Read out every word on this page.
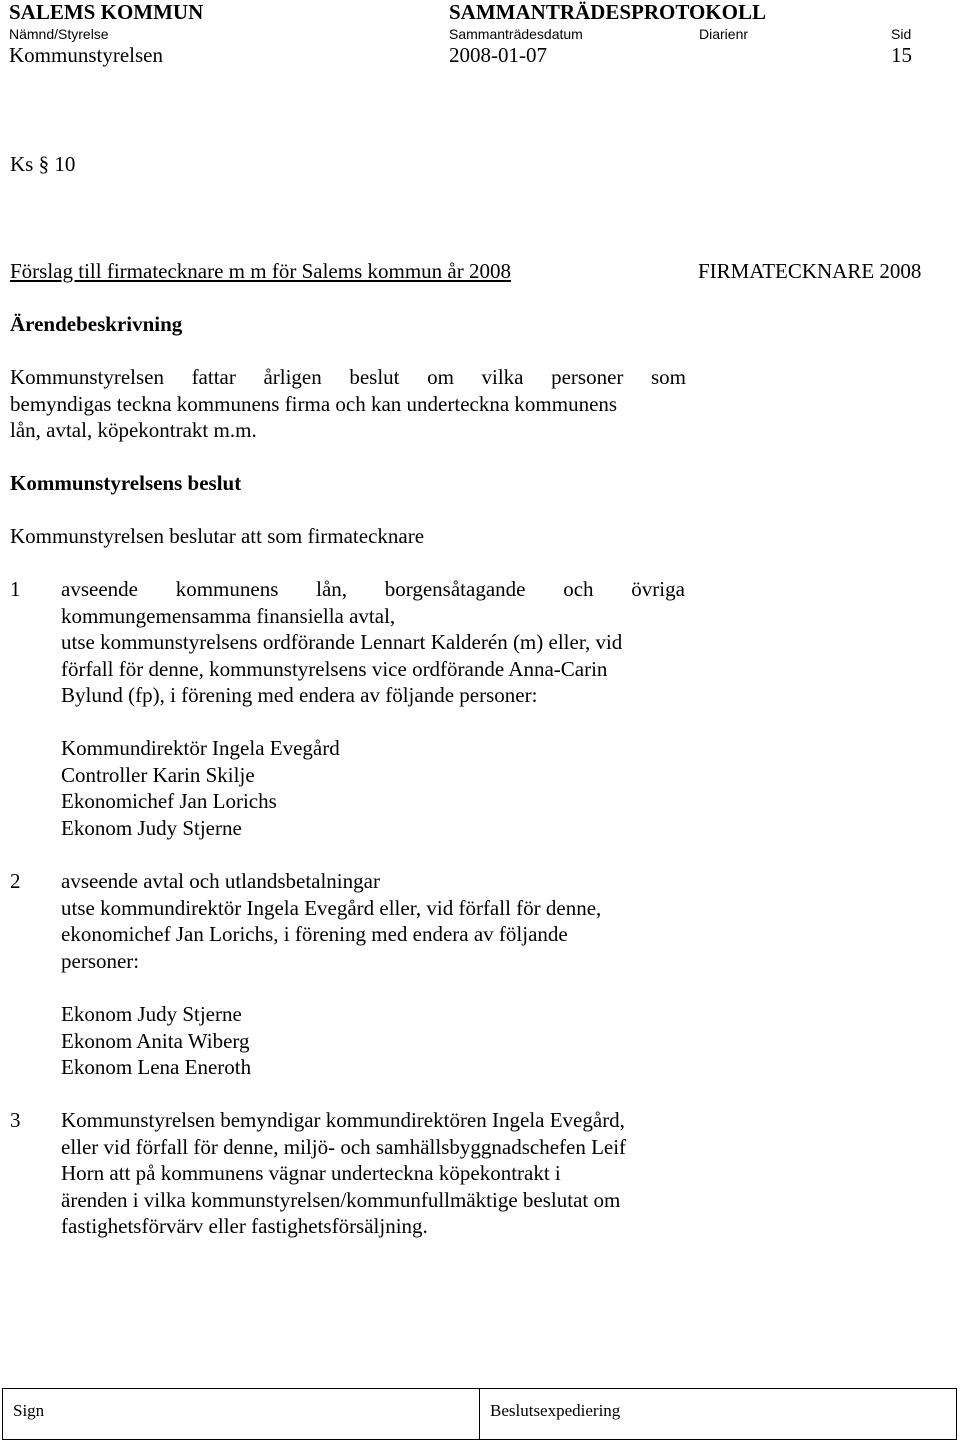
SALEMS KOMMUN	SAMMANTRÄDESPROTOKOLL
Nämnd/Styrelse	Sammanträdesdatum	Diarienr	Sid
Kommunstyrelsen	2008-01-07	15
Ks § 10
Förslag till firmatecknare m m för Salems kommun år 2008	FIRMATECKNARE 2008
Ärendebeskrivning
Kommunstyrelsen fattar årligen beslut om vilka personer som
bemyndigas teckna kommunens firma och kan underteckna kommunens
lån, avtal, köpekontrakt m.m.
Kommunstyrelsens beslut
Kommunstyrelsen beslutar att som firmatecknare
1 avseende kommunens lån, borgensåtagande och övriga
kommungemensamma finansiella avtal,
utse kommunstyrelsens ordförande Lennart Kalderén (m) eller, vid
förfall för denne, kommunstyrelsens vice ordförande Anna-Carin
Bylund (fp), i förening med endera av följande personer:
Kommundirektör Ingela Evegård
Controller Karin Skilje
Ekonomichef Jan Lorichs
Ekonom Judy Stjerne
2 avseende avtal och utlandsbetalningar
utse kommundirektör Ingela Evegård eller, vid förfall för denne,
ekonomichef Jan Lorichs, i förening med endera av följande
personer:
Ekonom Judy Stjerne
Ekonom Anita Wiberg
Ekonom Lena Eneroth
3 Kommunstyrelsen bemyndigar kommundirektören Ingela Evegård,
eller vid förfall för denne, miljö- och samhällsbyggnadschefen Leif
Horn att på kommunens vägnar underteckna köpekontrakt i
ärenden i vilka kommunstyrelsen/kommunfullmäktige beslutat om
fastighetsförvärv eller fastighetsförsäljning.
Sign	Beslutsexpediering
